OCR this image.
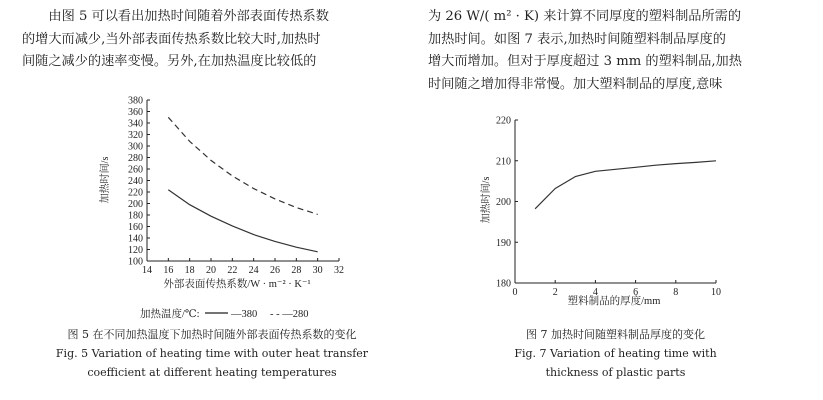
由图 5 可以看出加热时间随着外部表面传热系数
的增大而减少,当外部表面传热系数比较大时,加热时
间随之减少的速率变慢。另外,在加热温度比较低的

为 26 W/( m² · K) 来计算不同厚度的塑料制品所需的
加热时间。如图 7 表示,加热时间随塑料制品厚度的
增大而增加。但对于厚度超过 3 mm 的塑料制品,加热
时间随之增加得非常慢。加大塑料制品的厚度,意味

加热时间/s
外部表面传热系数/W · m⁻² · K⁻¹
加热温度/℃:	—380 - - —280
100
120
140
160
180
200
220
240
260
280
300
320
340
360
380
14 16 18 20 22 24 26 28 30 32
加热时间/s
塑料制品的厚度/mm
180
190
200
210
220
0	2	4	6	8	10
图 5 在不同加热温度下加热时间随外部表面传热系数的变化
Fig. 5 Variation of heating time with outer heat transfer
coefficient at different heating temperatures
图 7 加热时间随塑料制品厚度的变化
Fig. 7 Variation of heating time with
thickness of plastic parts
